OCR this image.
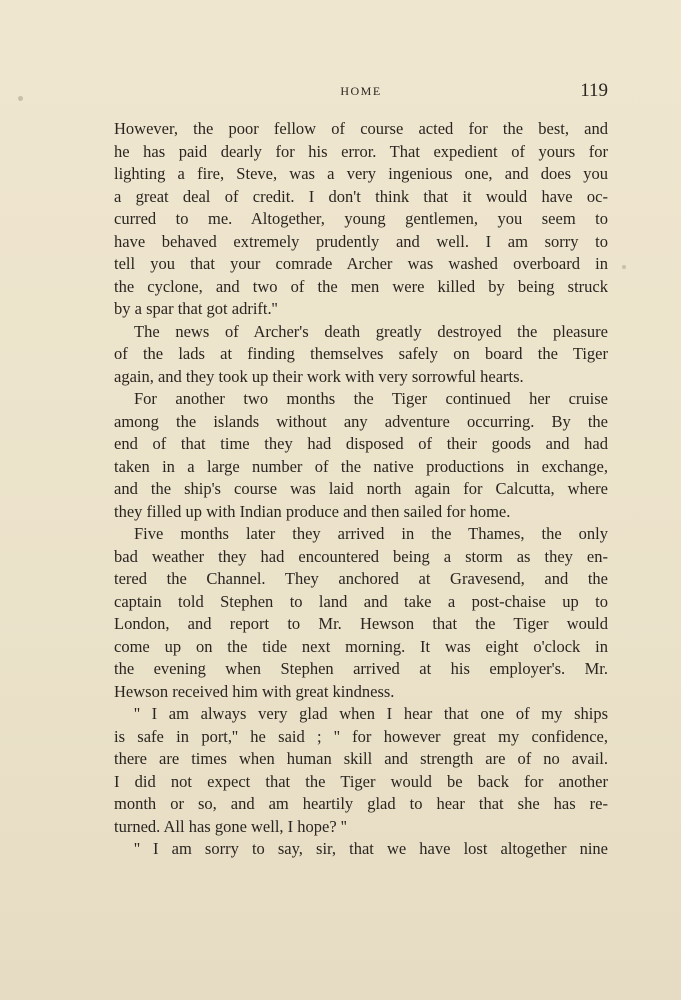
HOME	119
However, the poor fellow of course acted for the best, and
he has paid dearly for his error. That expedient of yours for
lighting a fire, Steve, was a very ingenious one, and does you
a great deal of credit. I don't think that it would have oc-
curred to me. Altogether, young gentlemen, you seem to
have behaved extremely prudently and well. I am sorry to
tell you that your comrade Archer was washed overboard in
the cyclone, and two of the men were killed by being struck
by a spar that got adrift.''
The news of Archer's death greatly destroyed the pleasure
of the lads at finding themselves safely on board the Tiger
again, and they took up their work with very sorrowful hearts.
For another two months the Tiger continued her cruise
among the islands without any adventure occurring. By the
end of that time they had disposed of their goods and had
taken in a large number of the native productions in exchange,
and the ship's course was laid north again for Calcutta, where
they filled up with Indian produce and then sailed for home.
Five months later they arrived in the Thames, the only
bad weather they had encountered being a storm as they en-
tered the Channel. They anchored at Gravesend, and the
captain told Stephen to land and take a post-chaise up to
London, and report to Mr. Hewson that the Tiger would
come up on the tide next morning. It was eight o'clock in
the evening when Stephen arrived at his employer's. Mr.
Hewson received him with great kindness.
'' I am always very glad when I hear that one of my ships
is safe in port,'' he said ; '' for however great my confidence,
there are times when human skill and strength are of no avail.
I did not expect that the Tiger would be back for another
month or so, and am heartily glad to hear that she has re-
turned. All has gone well, I hope? ''
'' I am sorry to say, sir, that we have lost altogether nine
